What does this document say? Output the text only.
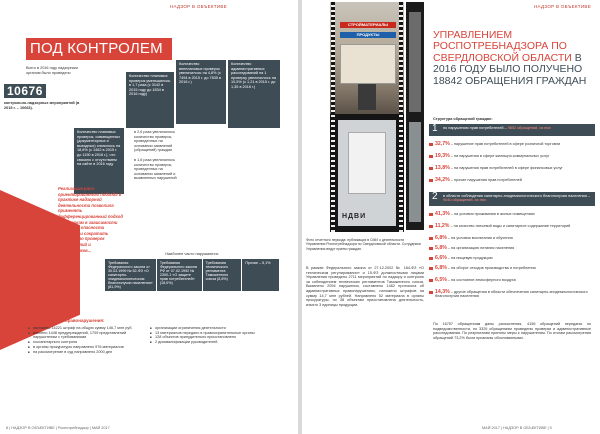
НАДЗОР В ОБЪЕКТИВЕ
ПОД КОНТРОЛЕМ
Всего в 2016 году надзорным органом было проведено
10676
контрольно-надзорных мероприятий (в 2015 г. – 10663).
Количество плановых проверок уменьшилось в 1,7 раза (с 3142 в 2015 году до 1834 в 2016 году)
Количество внеплановых проверок увеличилось на 4,8% (с 7494 в 2015 г. до 7835 в 2016 г.)
Количество административных расследований на 1 проверку увеличилось на 10,5% (с 1,21 в 2015 г. до 1,35 в 2016 г.)
Количество плановых проверок, совмещенных (документарных и выездных) снизилось на 18,6% (с 1462 в 2015 г. до 1190 в 2016 г.), что связано с отсутствием на сайте в 2016 году
в 2,6 раза увеличилось количество проверок, проведенных на основании заявлений (обращений) граждан
в 1,6 раза увеличилось количество проверок, проведенных на основании заявлений и выявленных нарушений
Реализация риск-ориентированного подхода в практике надзорной деятельности позволила применять дифференцированный подход к проверкам в зависимости от класса опасности объектов и сократить количество проверок предприятий и поставщиков...
Наиболее часто нарушаются:
Требования Федерального закона от 30.03.1999 № 52-ФЗ «О санитарно-эпидемиологическом благополучии населения» (81,9%)	Требования Федерального закона РФ от 07.02.1992 № 2300-1 «О защите прав потребителей» (18,0%)	Требования технического регламента Таможенного союза (8,8%)	Прочие – 5,1%
За выявленные правонарушения:
■ наложено 14221 штраф на общую сумму 146,7 млн руб.
■ внесено 1448 предупреждений, 1709 представлений нарушителям с требованиями
■ госсанитарного контроля
■ в органы прокуратуры направлено 976 материалов
■ на рассмотрение в суд направлено 2000 дел
■ организации ограничения деятельности
■ 13 материалов передано в правоохранительные органы
■ 128 объектов принудительно приостановлено
■ 2 дисквалификации руководителей
8 | НАДЗОР В ОБЪЕКТИВЕ | Роспотребнадзор | МАЙ 2017
НАДЗОР В ОБЪЕКТИВЕ
СТРОЙМАТЕРИАЛЫ
ПРОДУКТЫ
НДВИ
Фото отчетного периода: публикация в СМИ о деятельности Управления Роспотребнадзора по Свердловской области. Сотрудники Управления ведут прием граждан.
В рамках Федерального закона от 27.12.2002 № 184-ФЗ «О техническом регулировании» и 15-ФЗ должностными лицами Управления проведено 2711 мероприятий по надзору и контролю за соблюдением технических регламентов Таможенного союза. Выявлено 2094 нарушения, составлено 1462 протокола об административных правонарушениях, наложено штрафов на сумму 14,7 млн рублей. Направлено 52 материала в органы прокуратуры, по 38 объектам приостановлена деятельность, изъято 3 единицы продукции.
УПРАВЛЕНИЕМ РОСПОТРЕБНАДЗОРА ПО СВЕРДЛОВСКОЙ ОБЛАСТИ В 2016 ГОДУ БЫЛО ПОЛУЧЕНО 18842 ОБРАЩЕНИЯ ГРАЖДАН
Структура обращений граждан:
1 по нарушению прав потребителей – 9802 обращений, из них:
32,7% – нарушение прав потребителей в сфере розничной торговли
19,3% – на нарушения в сфере жилищно-коммунальных услуг
13,8% – на нарушения прав потребителей в сфере финансовых услуг
34,2% – прочие нарушения прав потребителей
2 в области соблюдения санитарно-эпидемиологического благополучия населения – 9040 обращений, из них:
41,3% – на условия проживания в жилых помещениях
11,2% – на качество питьевой воды и санитарное содержание территорий
6,8% – на условия воспитания и обучения
5,8% – на организацию питания населения
6,6% – на пищевую продукцию
6,8% – на оборот отходов производства и потребления
6,5% – на состояние атмосферного воздуха
14,3% – другие обращения в области обеспечения санитарно-эпидемиологического благополучия населения
По 16757 обращениям даны разъяснения, 4156 обращений переданы по подведомственности, по 3329 обращениям проведены проверки и административные расследования. По результатам приняты меры к нарушителям. По итогам рассмотрения обращений 73,2% были признаны обоснованными.
МАЙ 2017 | НАДЗОР В ОБЪЕКТИВЕ | 9
